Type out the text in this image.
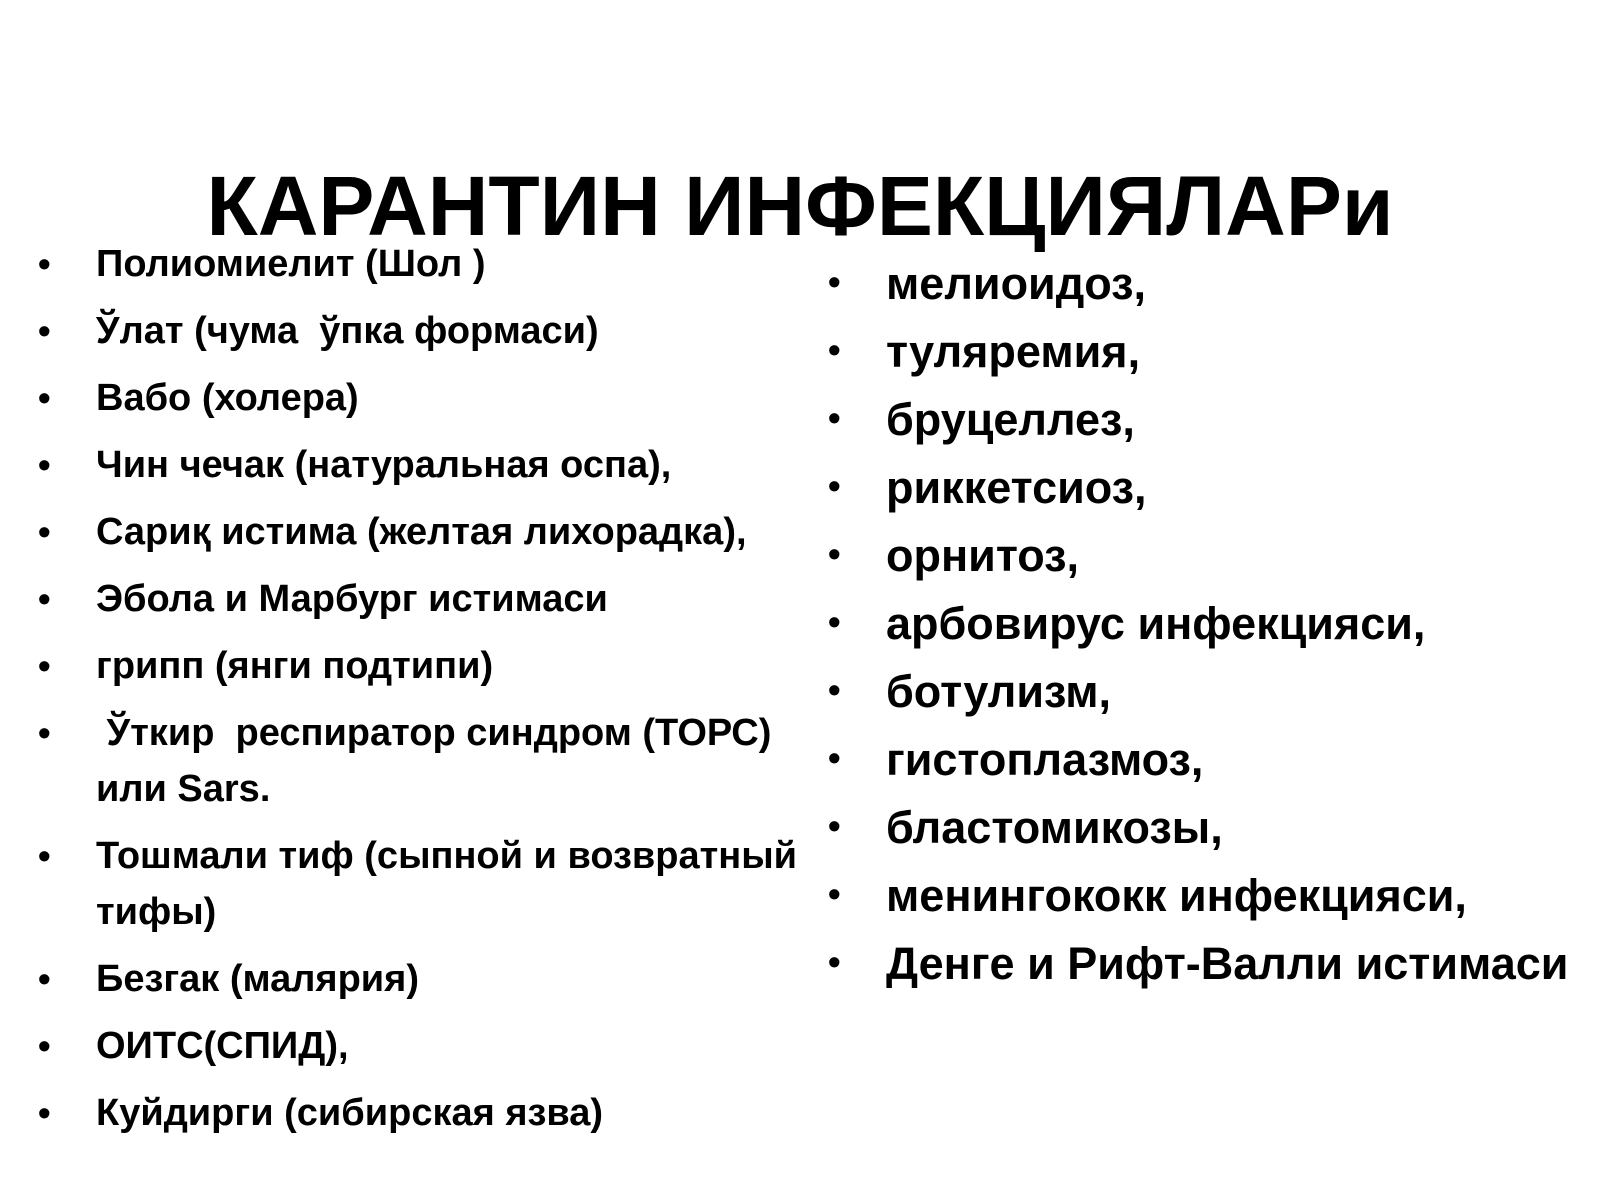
КАРАНТИН ИНФЕКЦИЯЛАРи
•	Полиомиелит (Шол )
•	Ўлат (чума  ўпка формаси)
•	Вабо (холера)
•	Чин чечак (натуральная оспа),
•	Сариқ истима (желтая лихорадка),
•	Эбола и Марбург истимаси
•	грипп (янги подтипи)
•	Ўткир  респиратор синдром (ТОРС) или Sars.
•	Тошмали тиф (сыпной и возвратный тифы)
•	Безгак (малярия)
•	ОИТС(СПИД),
•	Куйдирги (сибирская язва)
•	мелиоидоз,
•	туляремия,
•	бруцеллез,
•	риккетсиоз,
•	орнитоз,
•	арбовирус инфекцияси,
•	ботулизм,
•	гистоплазмоз,
•	бластомикозы,
•	менингококк инфекцияси,
•	Денге и Рифт-Валли истимаси
